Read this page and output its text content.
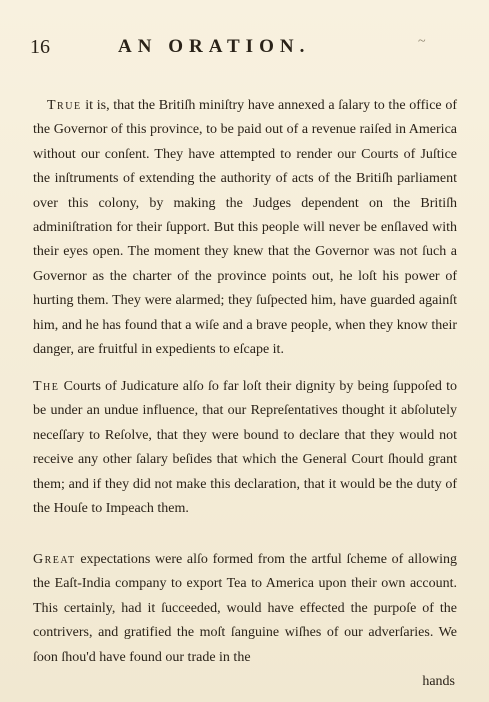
16	AN ORATION.	~

True it is, that the Britiſh miniſtry have annexed a ſalary to the office of the Governor of this province, to be paid out of a revenue raiſed in America without our conſent. They have attempted to render our Courts of Juſtice the inſtruments of extending the authority of acts of the Britiſh parliament over this colony, by making the Judges dependent on the Britiſh adminiſtration for their ſupport. But this people will never be enſlaved with their eyes open. The moment they knew that the Governor was not ſuch a Governor as the charter of the province points out, he loſt his power of hurting them. They were alarmed; they ſuſpected him, have guarded againſt him, and he has found that a wiſe and a brave people, when they know their danger, are fruitful in expedients to eſcape it.

The Courts of Judicature alſo ſo far loſt their dignity by being ſuppoſed to be under an undue influence, that our Repreſentatives thought it abſolutely neceſſary to Reſolve, that they were bound to declare that they would not receive any other ſalary beſides that which the General Court ſhould grant them; and if they did not make this declaration, that it would be the duty of the Houſe to Impeach them.

Great expectations were alſo formed from the artful ſcheme of allowing the Eaſt-India company to export Tea to America upon their own account. This certainly, had it ſucceeded, would have effected the purpoſe of the contrivers, and gratified the moſt ſanguine wiſhes of our adverſaries. We ſoon ſhou'd have found our trade in the
hands
